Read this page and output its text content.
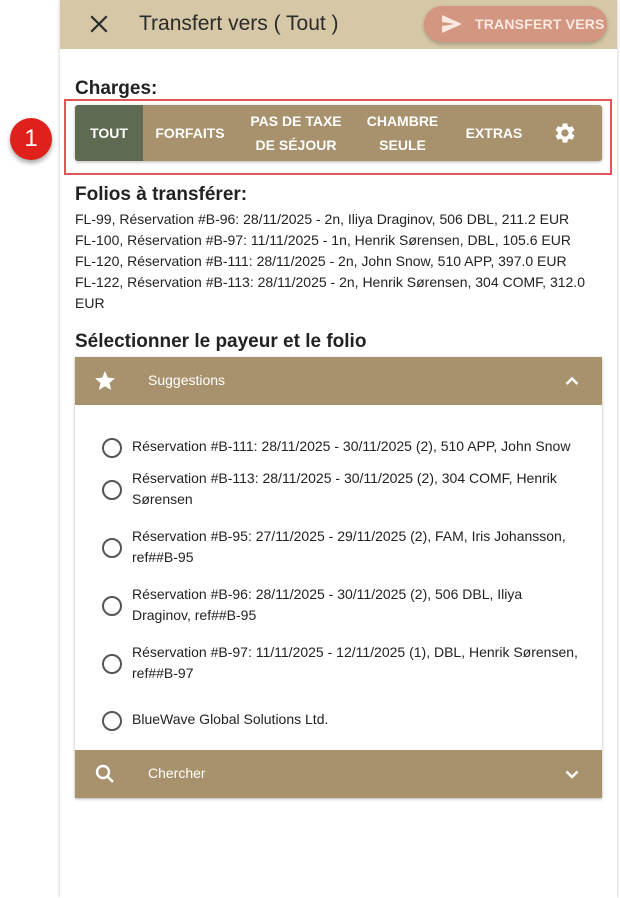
Transfert vers ( Tout )	TRANSFERT VERS
Charges:
TOUT	FORFAITS
PAS DE TAXE
DE SÉJOUR
CHAMBRE
SEULE
EXTRAS
Folios à transférer:
FL-99, Réservation #B-96: 28/11/2025 - 2n, Iliya Draginov, 506 DBL, 211.2 EUR
FL-100, Réservation #B-97: 11/11/2025 - 1n, Henrik Sørensen, DBL, 105.6 EUR
FL-120, Réservation #B-111: 28/11/2025 - 2n, John Snow, 510 APP, 397.0 EUR
FL-122, Réservation #B-113: 28/11/2025 - 2n, Henrik Sørensen, 304 COMF, 312.0 EUR
Sélectionner le payeur et le folio
Suggestions
Réservation #B-111: 28/11/2025 - 30/11/2025 (2), 510 APP, John Snow
Réservation #B-113: 28/11/2025 - 30/11/2025 (2), 304 COMF, Henrik Sørensen
Réservation #B-95: 27/11/2025 - 29/11/2025 (2), FAM, Iris Johansson, ref##B-95
Réservation #B-96: 28/11/2025 - 30/11/2025 (2), 506 DBL, Iliya Draginov, ref##B-95
Réservation #B-97: 11/11/2025 - 12/11/2025 (1), DBL, Henrik Sørensen, ref##B-97
BlueWave Global Solutions Ltd.
Chercher
1
